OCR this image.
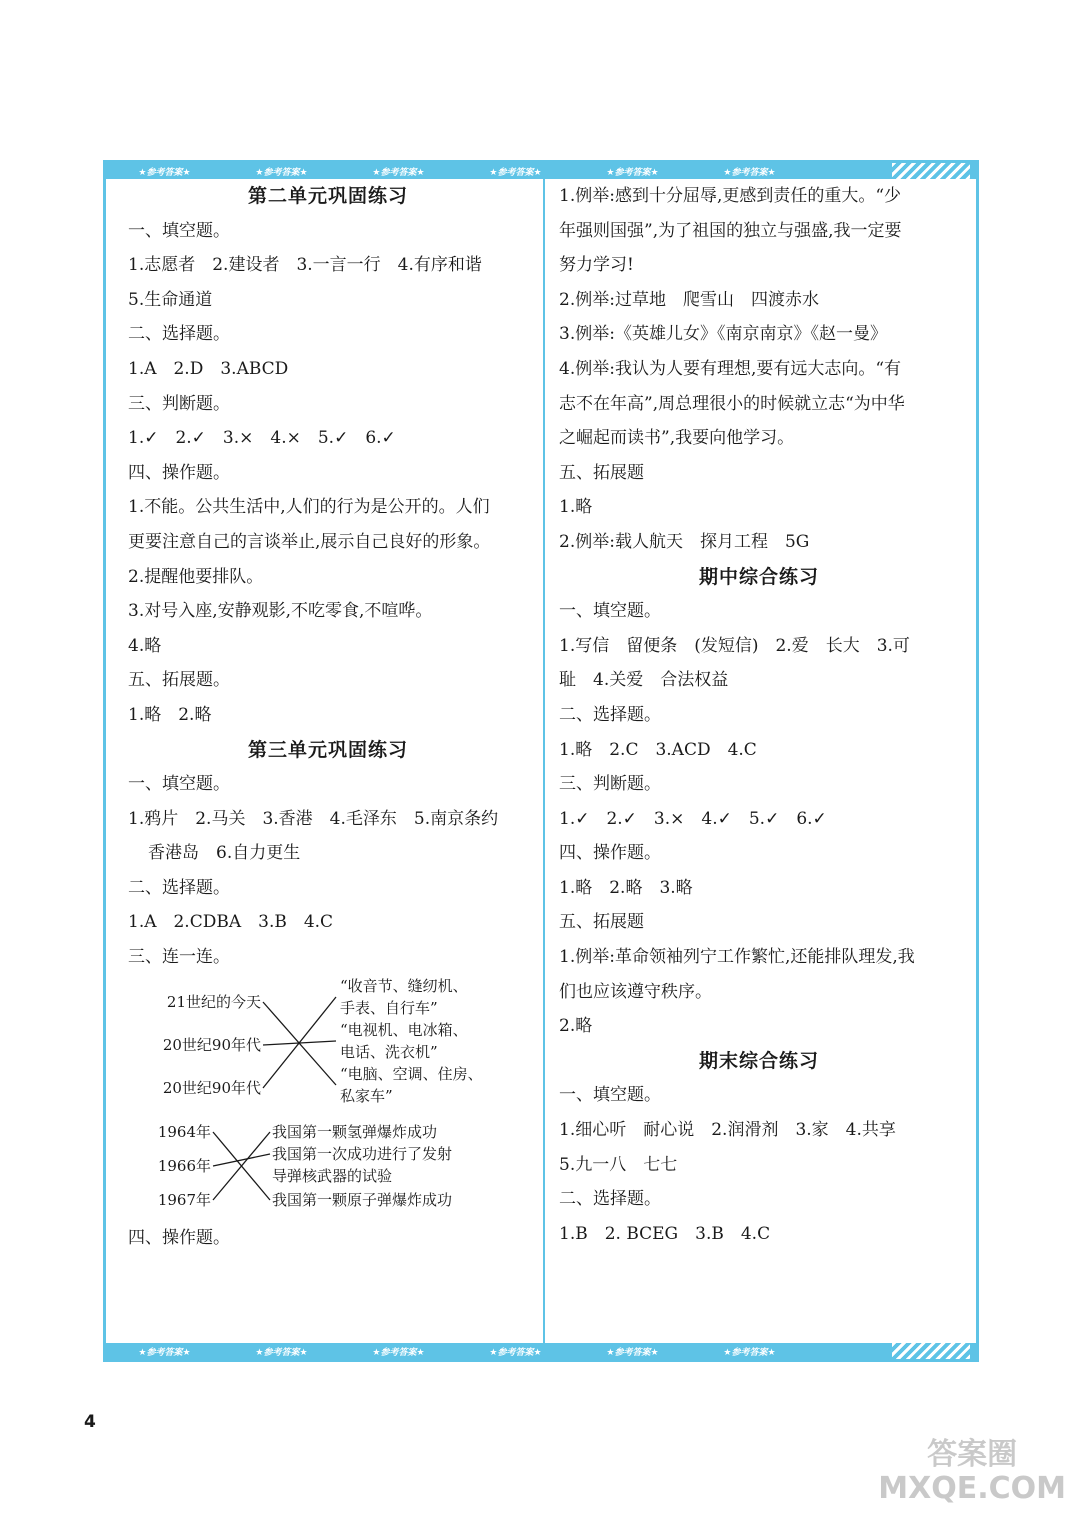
★参考答案★	★参考答案★	★参考答案★	★参考答案★	★参考答案★	★参考答案★
第二单元巩固练习
一、填空题。
1.志愿者　2.建设者　3.一言一行　4.有序和谐
5.生命通道
二、选择题。
1.A　2.D　3.ABCD
三、判断题。
1.✓　2.✓　3.×　4.×　5.✓　6.✓
四、操作题。
1.不能。公共生活中,人们的行为是公开的。人们
更要注意自己的言谈举止,展示自己良好的形象。
2.提醒他要排队。
3.对号入座,安静观影,不吃零食,不喧哗。
4.略
五、拓展题。
1.略　2.略
第三单元巩固练习
一、填空题。
1.鸦片　2.马关　3.香港　4.毛泽东　5.南京条约
香港岛　6.自力更生
二、选择题。
1.A　2.CDBA　3.B　4.C
三、连一连。
21世纪的今天
20世纪90年代
20世纪90年代
“收音节、缝纫机、
手表、自行车”
“电视机、电冰箱、
电话、洗衣机”
“电脑、空调、住房、
私家车”
1964年
1966年
1967年
我国第一颗氢弹爆炸成功
我国第一次成功进行了发射
导弹核武器的试验
我国第一颗原子弹爆炸成功
四、操作题。
1.例举:感到十分屈辱,更感到责任的重大。“少
年强则国强”,为了祖国的独立与强盛,我一定要
努力学习!
2.例举:过草地　爬雪山　四渡赤水
3.例举:《英雄儿女》《南京南京》《赵一曼》
4.例举:我认为人要有理想,要有远大志向。“有
志不在年高”,周总理很小的时候就立志“为中华
之崛起而读书”,我要向他学习。
五、拓展题
1.略
2.例举:载人航天　探月工程　5G
期中综合练习
一、填空题。
1.写信　留便条　(发短信)　2.爱　长大　3.可
耻　4.关爱　合法权益
二、选择题。
1.略　2.C　3.ACD　4.C
三、判断题。
1.✓　2.✓　3.×　4.✓　5.✓　6.✓
四、操作题。
1.略　2.略　3.略
五、拓展题
1.例举:革命领袖列宁工作繁忙,还能排队理发,我
们也应该遵守秩序。
2.略
期末综合练习
一、填空题。
1.细心听　耐心说　2.润滑剂　3.家　4.共享
5.九一八　七七
二、选择题。
1.B　2. BCEG　3.B　4.C
★参考答案★	★参考答案★	★参考答案★	★参考答案★	★参考答案★	★参考答案★
4
答案圈
MXQE.COM
